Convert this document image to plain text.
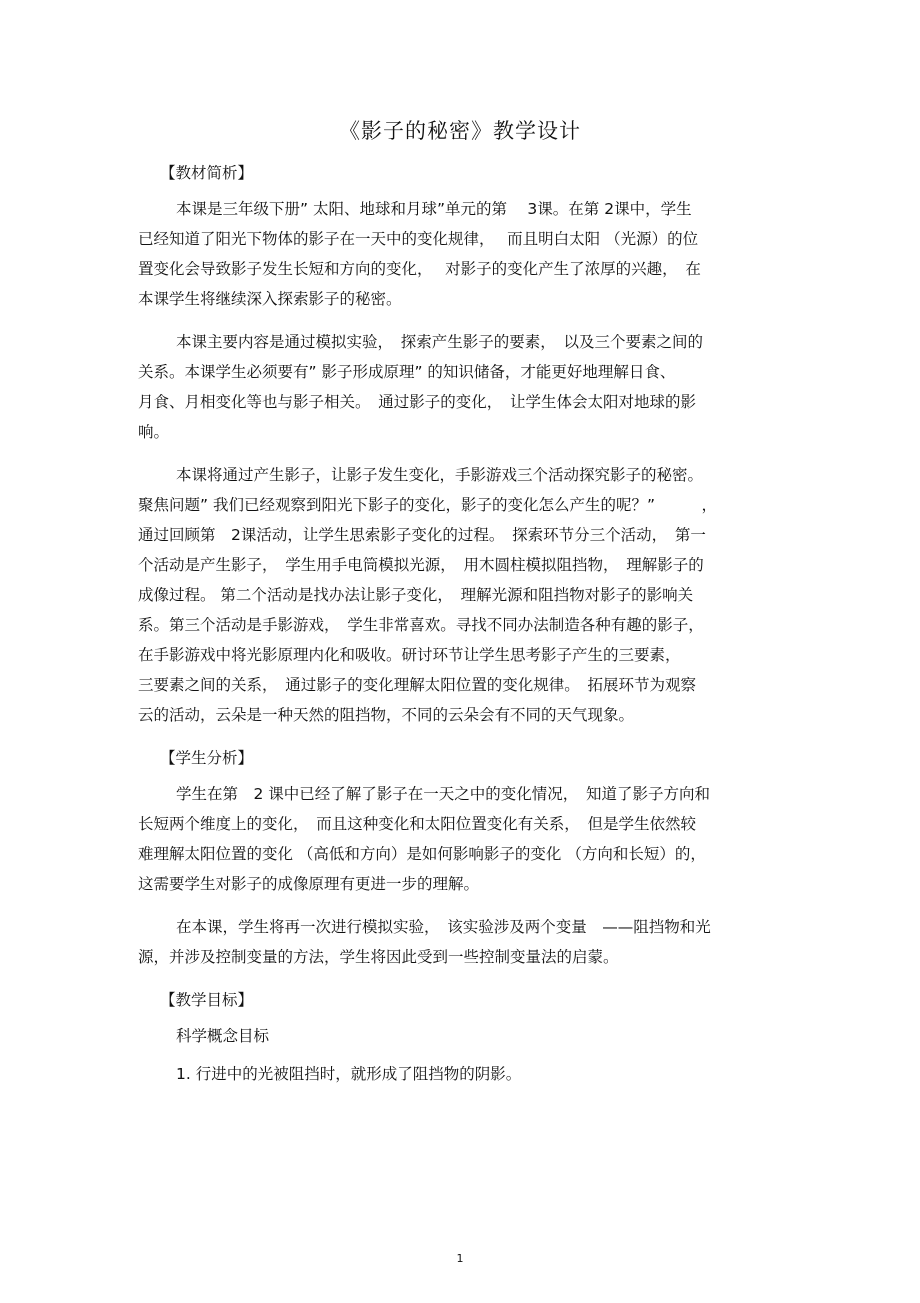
《影子的秘密》教学设计
【教材简析】
本课是三年级下册” 太阳、地球和月球”单元的第　 3课。在第 2课中，学生
已经知道了阳光下物体的影子在一天中的变化规律，　 而且明白太阳 （光源）的位
置变化会导致影子发生长短和方向的变化，　 对影子的变化产生了浓厚的兴趣，　在
本课学生将继续深入探索影子的秘密。
本课主要内容是通过模拟实验，　探索产生影子的要素，　以及三个要素之间的
关系。本课学生必须要有” 影子形成原理” 的知识储备，才能更好地理解日食、
月食、月相变化等也与影子相关。　通过影子的变化，　让学生体会太阳对地球的影
响。
本课将通过产生影子，让影子发生变化，手影游戏三个活动探究影子的秘密。
聚焦问题” 我们已经观察到阳光下影子的变化，影子的变化怎么产生的呢？”　　　，
通过回顾第　2课活动，让学生思索影子变化的过程。　探索环节分三个活动，　第一
个活动是产生影子，　学生用手电筒模拟光源，　用木圆柱模拟阻挡物，　理解影子的
成像过程。 第二个活动是找办法让影子变化，　理解光源和阻挡物对影子的影响关
系。第三个活动是手影游戏，　学生非常喜欢。寻找不同办法制造各种有趣的影子，
在手影游戏中将光影原理内化和吸收。研讨环节让学生思考影子产生的三要素，
三要素之间的关系，　通过影子的变化理解太阳位置的变化规律。　拓展环节为观察
云的活动，云朵是一种天然的阻挡物，不同的云朵会有不同的天气现象。
【学生分析】
学生在第　2 课中已经了解了影子在一天之中的变化情况，　知道了影子方向和
长短两个维度上的变化，　而且这种变化和太阳位置变化有关系，　但是学生依然较
难理解太阳位置的变化 （高低和方向）是如何影响影子的变化 （方向和长短）的，
这需要学生对影子的成像原理有更进一步的理解。
在本课，学生将再一次进行模拟实验，　该实验涉及两个变量　——阻挡物和光
源，并涉及控制变量的方法，学生将因此受到一些控制变量法的启蒙。
【教学目标】
科学概念目标
1. 行进中的光被阻挡时，就形成了阻挡物的阴影。
1
